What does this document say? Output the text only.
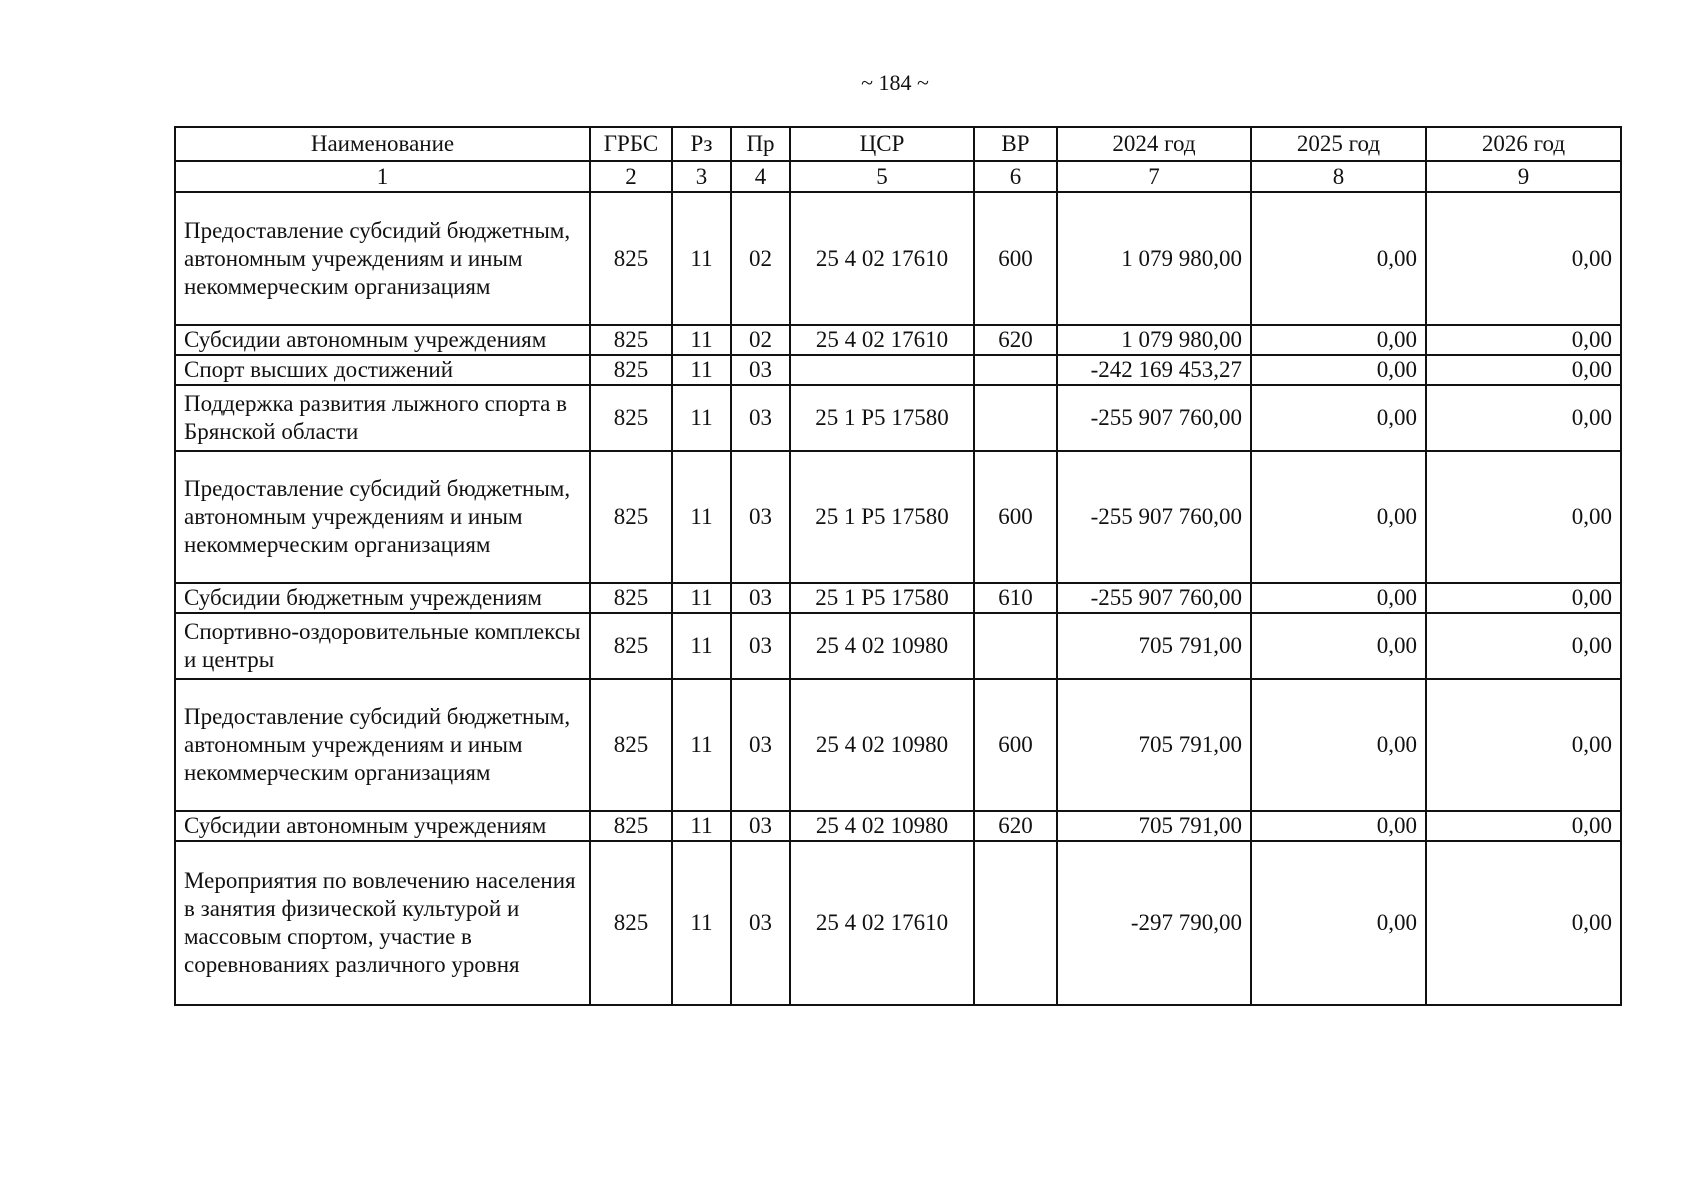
~ 184 ~
Наименование	ГРБС	Рз	Пр	ЦСР	ВР	2024 год	2025 год	2026 год
1	2	3	4	5	6	7	8	9
Предоставление субсидий бюджетным, автономным учреждениям и иным некоммерческим организациям	825	11	02	25 4 02 17610	600	1 079 980,00	0,00	0,00
Субсидии автономным учреждениям	825	11	02	25 4 02 17610	620	1 079 980,00	0,00	0,00
Спорт высших достижений	825	11	03			-242 169 453,27	0,00	0,00
Поддержка развития лыжного спорта в Брянской области	825	11	03	25 1 P5 17580		-255 907 760,00	0,00	0,00
Предоставление субсидий бюджетным, автономным учреждениям и иным некоммерческим организациям	825	11	03	25 1 P5 17580	600	-255 907 760,00	0,00	0,00
Субсидии бюджетным учреждениям	825	11	03	25 1 P5 17580	610	-255 907 760,00	0,00	0,00
Спортивно-оздоровительные комплексы и центры	825	11	03	25 4 02 10980		705 791,00	0,00	0,00
Предоставление субсидий бюджетным, автономным учреждениям и иным некоммерческим организациям	825	11	03	25 4 02 10980	600	705 791,00	0,00	0,00
Субсидии автономным учреждениям	825	11	03	25 4 02 10980	620	705 791,00	0,00	0,00
Мероприятия по вовлечению населения в занятия физической культурой и массовым спортом, участие в соревнованиях различного уровня	825	11	03	25 4 02 17610		-297 790,00	0,00	0,00
